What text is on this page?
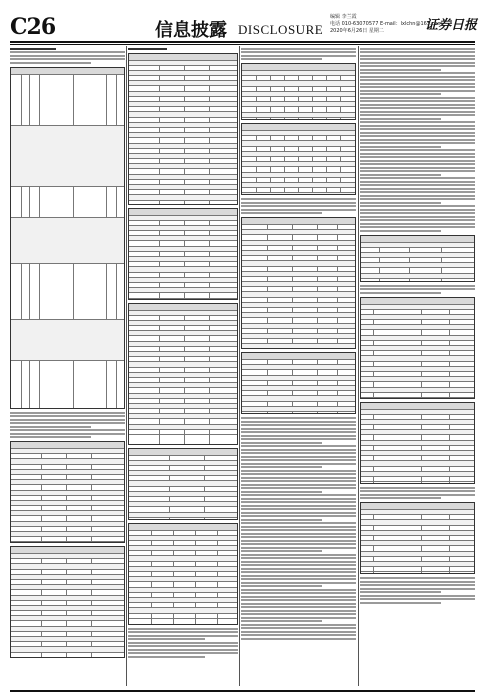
C26	信息披露 DISCLOSURE
编辑 李兰霞
电话 010-63070577 E-mail：lxlchn@163.com
2020年6月26日 星期二	证券日报
